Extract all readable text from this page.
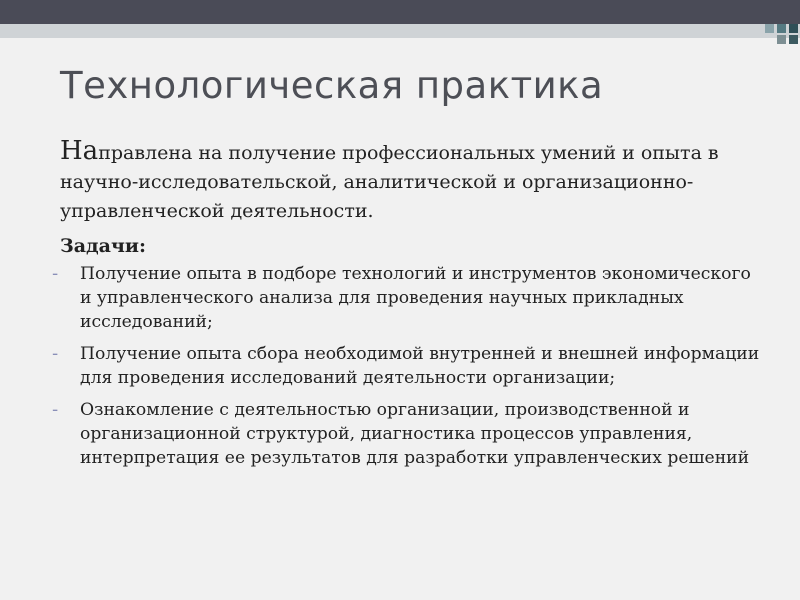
Технологическая практика

Направлена на получение профессиональных умений и опыта в научно-исследовательской, аналитической и организационно-управленческой деятельности.

Задачи:
- Получение опыта в подборе технологий и инструментов экономического и управленческого анализа для проведения научных прикладных исследований;
- Получение опыта сбора необходимой внутренней и внешней информации для проведения исследований деятельности организации;
- Ознакомление с деятельностью организации, производственной и организационной структурой, диагностика процессов управления, интерпретация ее результатов для разработки управленческих решений
